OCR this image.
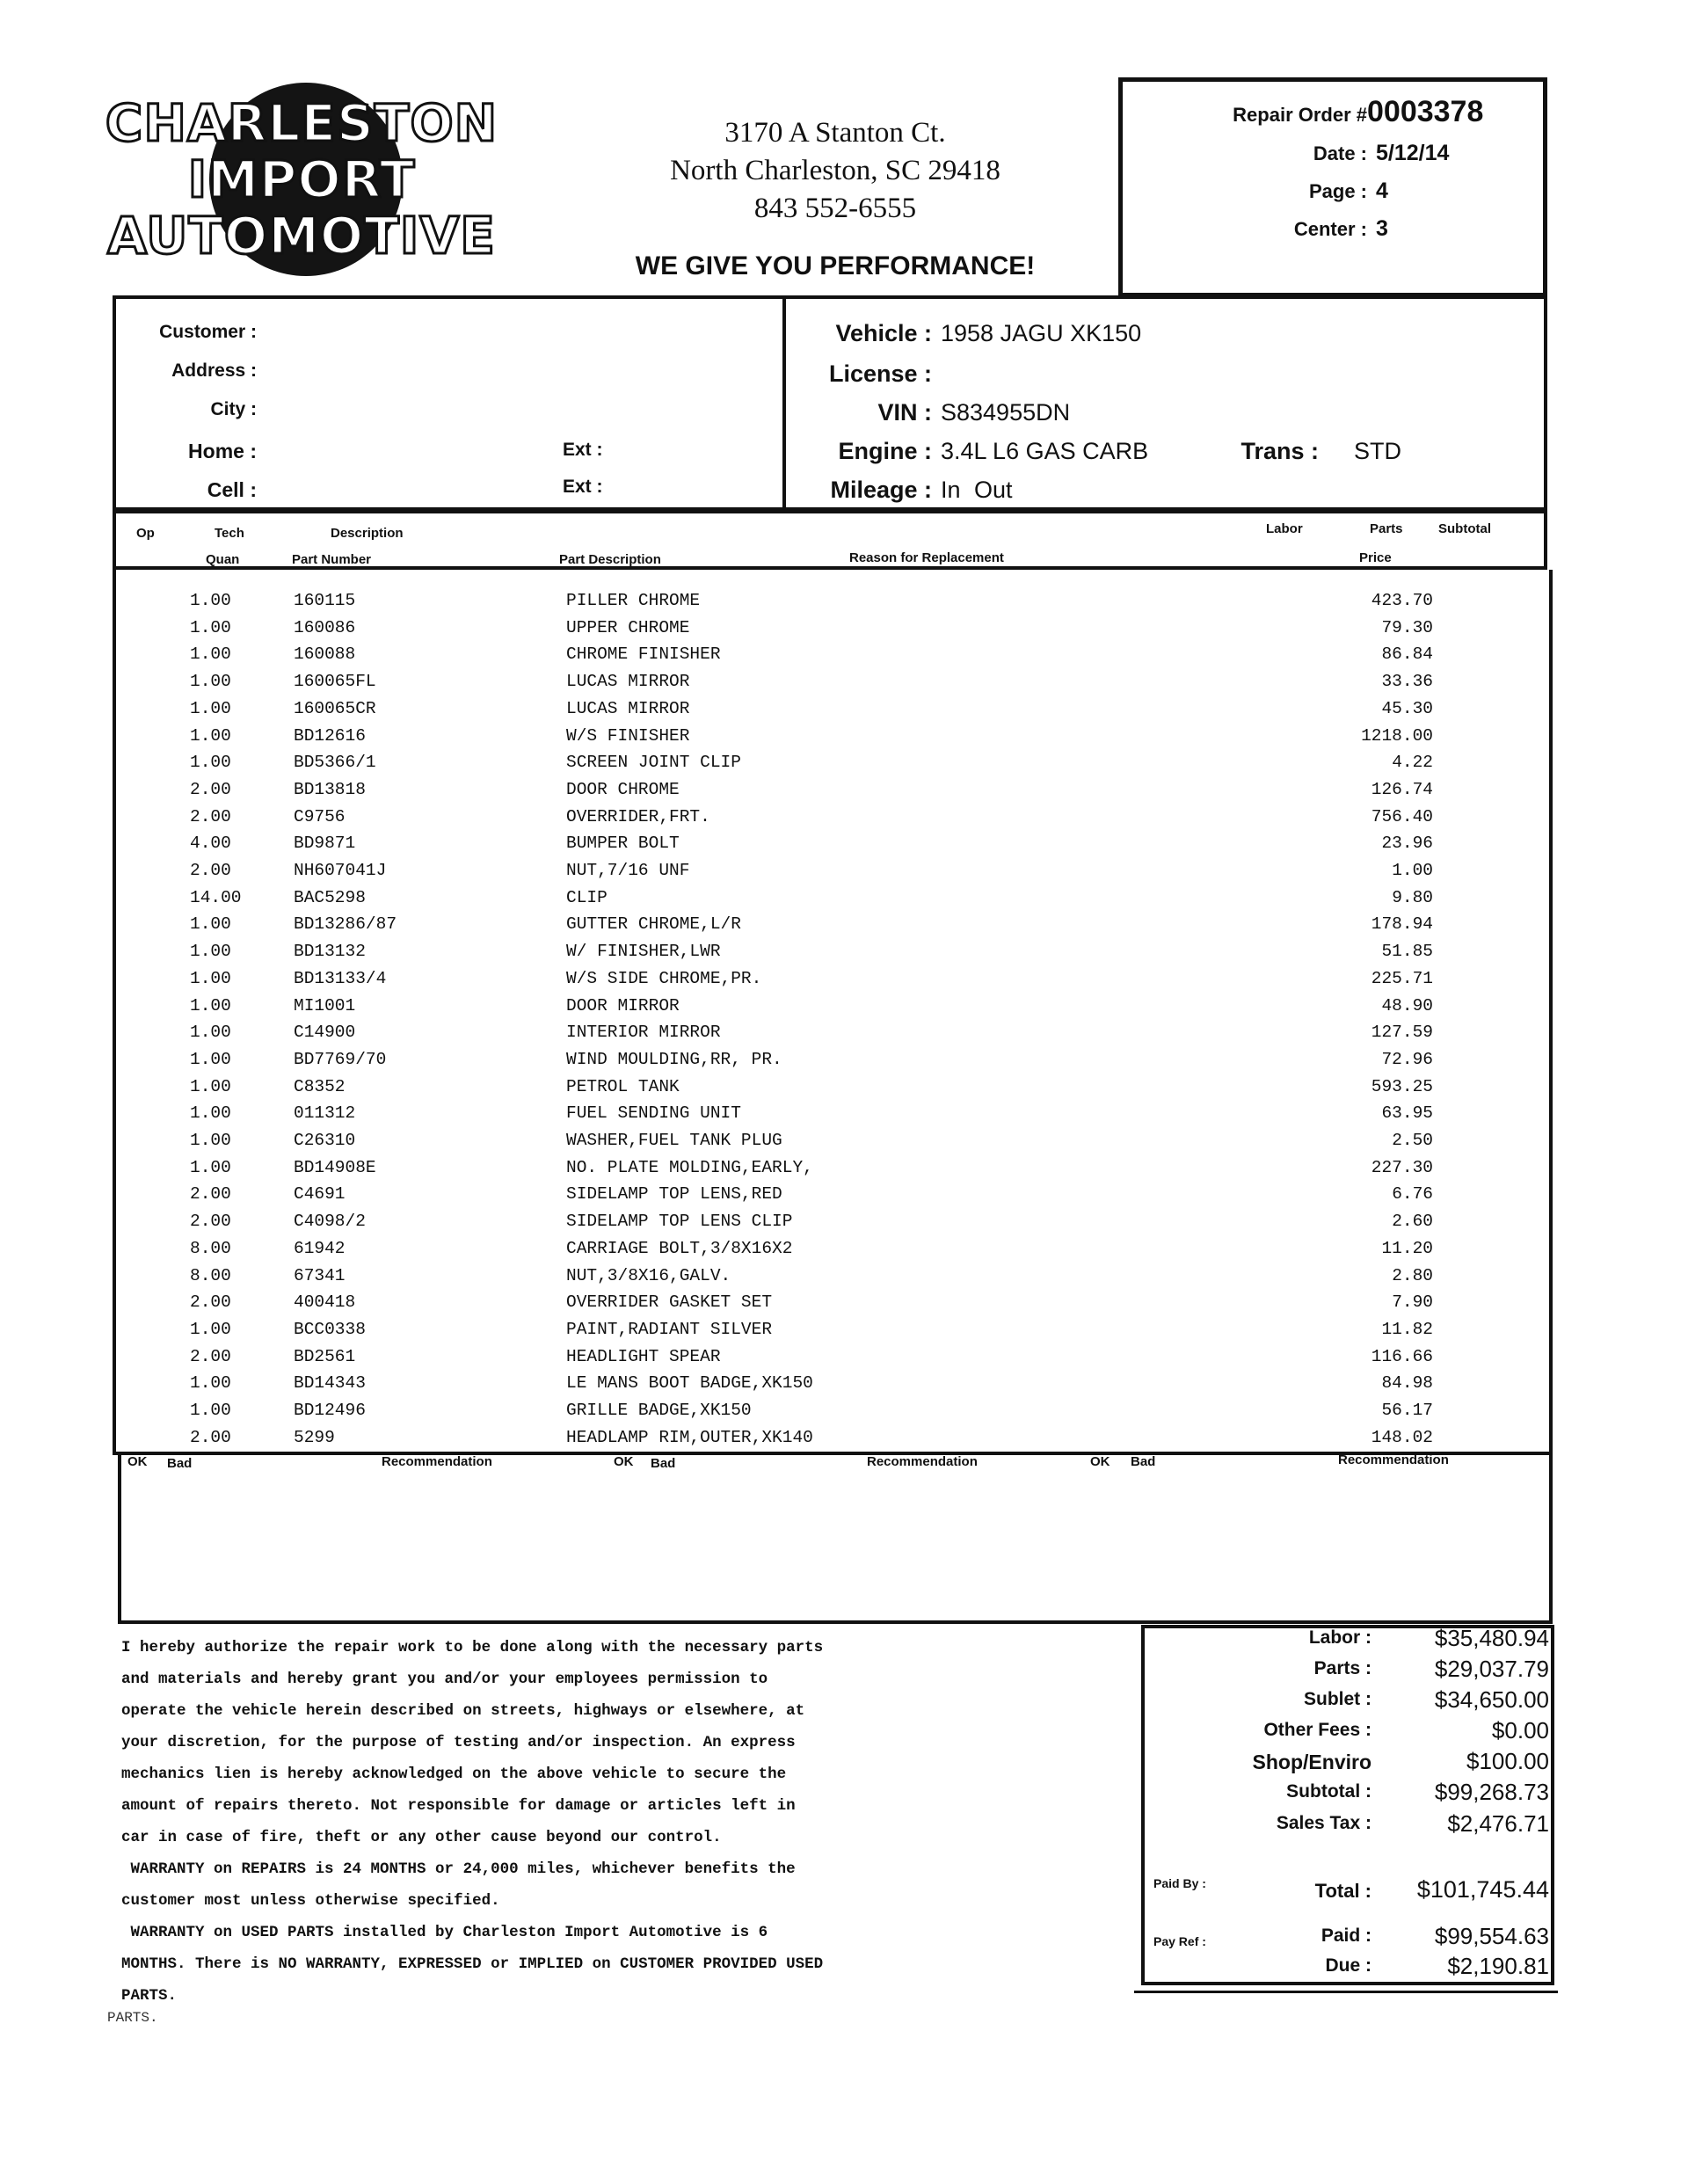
CHARLESTON
IMPORT
AUTOMOTIVE
3170 A Stanton Ct.
North Charleston, SC 29418
843 552-6555
WE GIVE YOU PERFORMANCE!
Repair Order #0003378
Date : 5/12/14
Page : 4
Center : 3
Customer :
Address :
City :
Home :
Cell :
Ext :
Ext :
Vehicle : 1958 JAGU XK150
License :
VIN : S834955DN
Engine : 3.4L L6 GAS CARB	Trans : STD
Mileage : In Out
Op	Tech	Description	Labor	Parts	Subtotal
Quan	Part Number	Part Description	Reason for Replacement	Price
1.00	160115	PILLER CHROME	423.70
1.00	160086	UPPER CHROME	79.30
1.00	160088	CHROME FINISHER	86.84
1.00	160065FL	LUCAS MIRROR	33.36
1.00	160065CR	LUCAS MIRROR	45.30
1.00	BD12616	W/S FINISHER	1218.00
1.00	BD5366/1	SCREEN JOINT CLIP	4.22
2.00	BD13818	DOOR CHROME	126.74
2.00	C9756	OVERRIDER,FRT.	756.40
4.00	BD9871	BUMPER BOLT	23.96
2.00	NH607041J	NUT,7/16 UNF	1.00
14.00	BAC5298	CLIP	9.80
1.00	BD13286/87	GUTTER CHROME,L/R	178.94
1.00	BD13132	W/ FINISHER,LWR	51.85
1.00	BD13133/4	W/S SIDE CHROME,PR.	225.71
1.00	MI1001	DOOR MIRROR	48.90
1.00	C14900	INTERIOR MIRROR	127.59
1.00	BD7769/70	WIND MOULDING,RR, PR.	72.96
1.00	C8352	PETROL TANK	593.25
1.00	011312	FUEL SENDING UNIT	63.95
1.00	C26310	WASHER,FUEL TANK PLUG	2.50
1.00	BD14908E	NO. PLATE MOLDING,EARLY,	227.30
2.00	C4691	SIDELAMP TOP LENS,RED	6.76
2.00	C4098/2	SIDELAMP TOP LENS CLIP	2.60
8.00	61942	CARRIAGE BOLT,3/8X16X2	11.20
8.00	67341	NUT,3/8X16,GALV.	2.80
2.00	400418	OVERRIDER GASKET SET	7.90
1.00	BCC0338	PAINT,RADIANT SILVER	11.82
2.00	BD2561	HEADLIGHT SPEAR	116.66
1.00	BD14343	LE MANS BOOT BADGE,XK150	84.98
1.00	BD12496	GRILLE BADGE,XK150	56.17
2.00	5299	HEADLAMP RIM,OUTER,XK140	148.02
OK Bad	Recommendation	OK Bad	Recommendation	OK Bad	Recommendation
I hereby authorize the repair work to be done along with the necessary parts
and materials and hereby grant you and/or your employees permission to
operate the vehicle herein described on streets, highways or elsewhere, at
your discretion, for the purpose of testing and/or inspection. An express
mechanics lien is hereby acknowledged on the above vehicle to secure the
amount of repairs thereto. Not responsible for damage or articles left in
car in case of fire, theft or any other cause beyond our control.
WARRANTY on REPAIRS is 24 MONTHS or 24,000 miles, whichever benefits the
customer most unless otherwise specified.
WARRANTY on USED PARTS installed by Charleston Import Automotive is 6
MONTHS. There is NO WARRANTY, EXPRESSED or IMPLIED on CUSTOMER PROVIDED USED
PARTS.
PARTS.
Labor :	$35,480.94
Parts :	$29,037.79
Sublet :	$34,650.00
Other Fees :	$0.00
Shop/Enviro	$100.00
Subtotal :	$99,268.73
Sales Tax :	$2,476.71
Paid By :	Total :	$101,745.44
Pay Ref :	Paid :	$99,554.63
Due :	$2,190.81
